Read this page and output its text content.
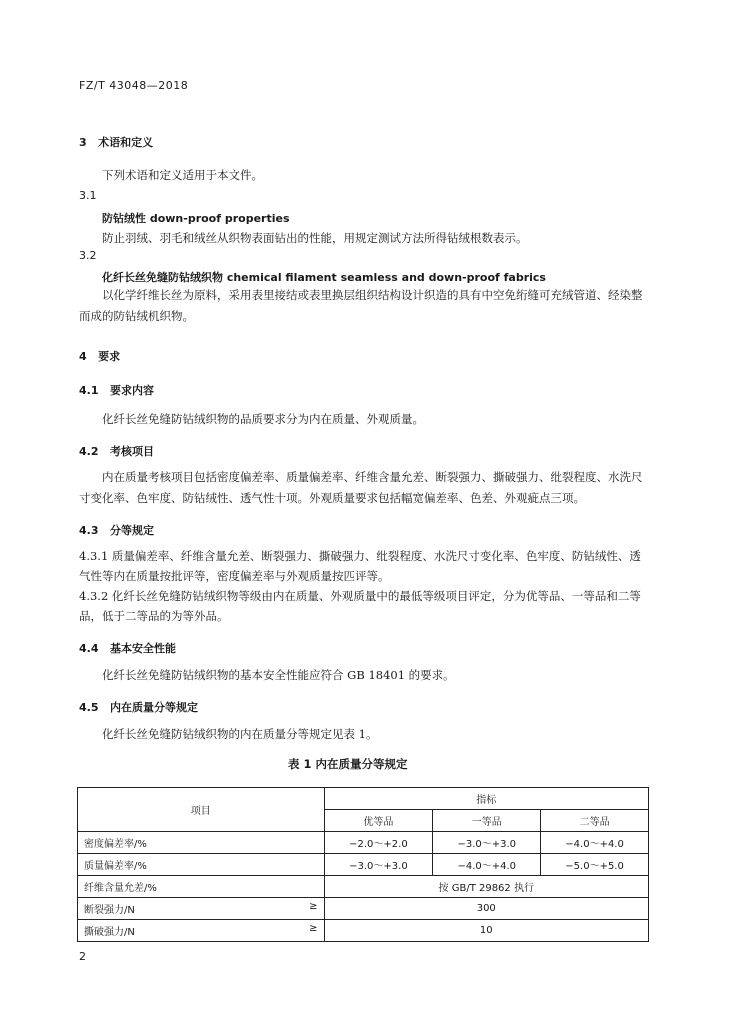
FZ/T 43048—2018
3 术语和定义
下列术语和定义适用于本文件。
3.1
防钻绒性 down-proof properties
防止羽绒、羽毛和绒丝从织物表面钻出的性能，用规定测试方法所得钻绒根数表示。
3.2
化纤长丝免缝防钻绒织物 chemical filament seamless and down-proof fabrics

以化学纤维长丝为原料，采用表里接结或表里换层组织结构设计织造的具有中空免绗缝可充绒管道、经染整而成的防钻绒机织物。

4 要求
4.1 要求内容
化纤长丝免缝防钻绒织物的品质要求分为内在质量、外观质量。
4.2 考核项目

内在质量考核项目包括密度偏差率、质量偏差率、纤维含量允差、断裂强力、撕破强力、纰裂程度、水洗尺寸变化率、色牢度、防钻绒性、透气性十项。外观质量要求包括幅宽偏差率、色差、外观疵点三项。

4.3 分等规定

4.3.1 质量偏差率、纤维含量允差、断裂强力、撕破强力、纰裂程度、水洗尺寸变化率、色牢度、防钻绒性、透气性等内在质量按批评等，密度偏差率与外观质量按匹评等。

4.3.2 化纤长丝免缝防钻绒织物等级由内在质量、外观质量中的最低等级项目评定，分为优等品、一等品和二等品，低于二等品的为等外品。

4.4 基本安全性能
化纤长丝免缝防钻绒织物的基本安全性能应符合 GB 18401 的要求。
4.5 内在质量分等规定
化纤长丝免缝防钻绒织物的内在质量分等规定见表 1。
表 1 内在质量分等规定
项目	指标		
	优等品	一等品	二等品
密度偏差率/%	−2.0～+2.0	−3.0～+3.0	−4.0～+4.0
质量偏差率/%	−3.0～+3.0	−4.0～+4.0	−5.0～+5.0
纤维含量允差/%	按 GB/T 29862 执行		
断裂强力/N ≥	300		
撕破强力/N ≥	10		
2
